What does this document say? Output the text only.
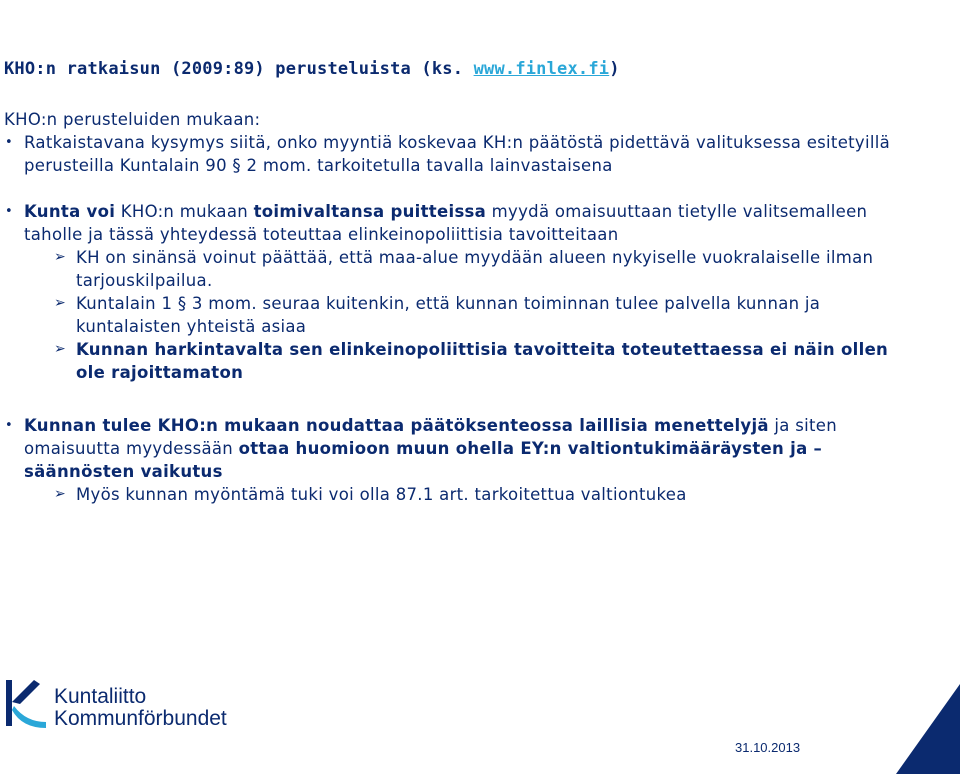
KHO:n ratkaisun (2009:89) perusteluista (ks. www.finlex.fi)

KHO:n perusteluiden mukaan:

• Ratkaistavana kysymys siitä, onko myyntiä koskevaa KH:n päätöstä pidettävä valituksessa esitetyillä perusteilla Kuntalain 90 § 2 mom. tarkoitetulla tavalla lainvastaisena

• Kunta voi KHO:n mukaan toimivaltansa puitteissa myydä omaisuuttaan tietylle valitsemalleen taholle ja tässä yhteydessä toteuttaa elinkeinopoliittisia tavoitteitaan

➢ KH on sinänsä voinut päättää, että maa-alue myydään alueen nykyiselle vuokralaiselle ilman tarjouskilpailua.

➢ Kuntalain 1 § 3 mom. seuraa kuitenkin, että kunnan toiminnan tulee palvella kunnan ja kuntalaisten yhteistä asiaa

➢ Kunnan harkintavalta sen elinkeinopoliittisia tavoitteita toteutettaessa ei näin ollen ole rajoittamaton

• Kunnan tulee KHO:n mukaan noudattaa päätöksenteossa laillisia menettelyjä ja siten omaisuutta myydessään ottaa huomioon muun ohella EY:n valtiontukimääräysten ja –säännösten vaikutus

➢ Myös kunnan myöntämä tuki voi olla 87.1 art. tarkoitettua valtiontukea

Kuntaliitto
Kommunförbundet
31.10.2013
